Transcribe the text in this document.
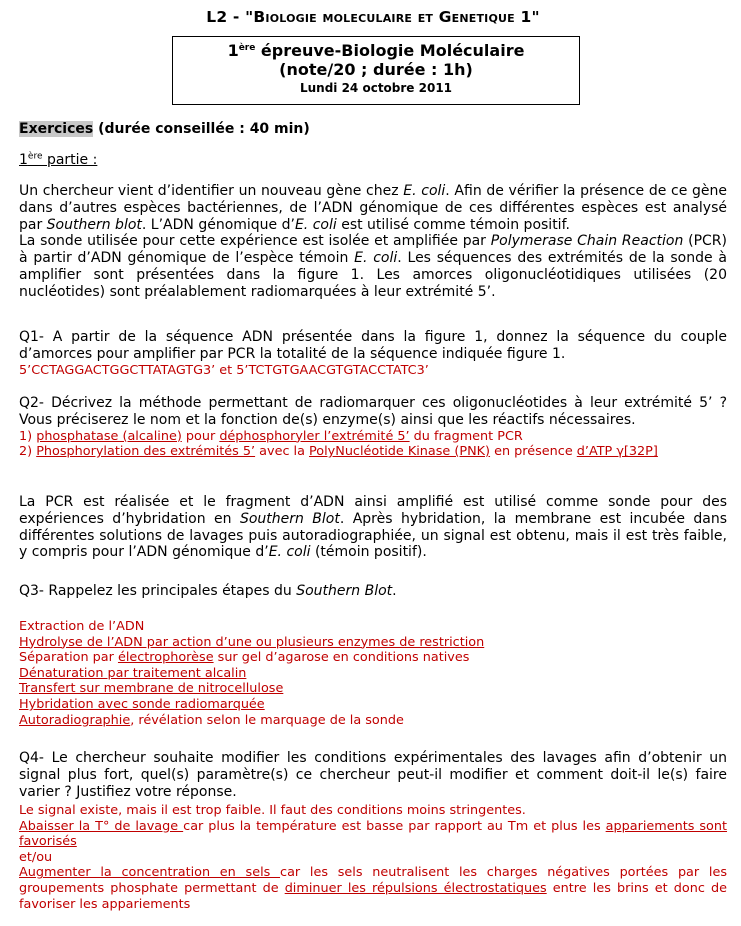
L2 - "Biologie moleculaire et Genetique 1"
1ère épreuve-Biologie Moléculaire
(note/20 ; durée : 1h)
Lundi 24 octobre 2011
Exercices (durée conseillée : 40 min)
1ère partie :
Un chercheur vient d’identifier un nouveau gène chez E. coli. Afin de vérifier la présence de ce gène dans d’autres espèces bactériennes, de l’ADN génomique de ces différentes espèces est analysé par Southern blot. L’ADN génomique d’E. coli est utilisé comme témoin positif.
La sonde utilisée pour cette expérience est isolée et amplifiée par Polymerase Chain Reaction (PCR) à partir d’ADN génomique de l’espèce témoin E. coli. Les séquences des extrémités de la sonde à amplifier sont présentées dans la figure 1. Les amorces oligonucléotidiques utilisées (20 nucléotides) sont préalablement radiomarquées à leur extrémité 5’.
Q1- A partir de la séquence ADN présentée dans la figure 1, donnez la séquence du couple d’amorces pour amplifier par PCR la totalité de la séquence indiquée figure 1.
5’CCTAGGACTGGCTTATAGTG3’ et 5’TCTGTGAACGTGTACCTATC3’
Q2- Décrivez la méthode permettant de radiomarquer ces oligonucléotides à leur extrémité 5’ ? Vous préciserez le nom et la fonction de(s) enzyme(s) ainsi que les réactifs nécessaires.
1) phosphatase (alcaline) pour déphosphoryler l’extrémité 5’ du fragment PCR
2) Phosphorylation des extrémités 5’ avec la PolyNucléotide Kinase (PNK) en présence d’ATP γ[32P]
La PCR est réalisée et le fragment d’ADN ainsi amplifié est utilisé comme sonde pour des expériences d’hybridation en Southern Blot. Après hybridation, la membrane est incubée dans différentes solutions de lavages puis autoradiographiée, un signal est obtenu, mais il est très faible, y compris pour l’ADN génomique d’E. coli (témoin positif).
Q3- Rappelez les principales étapes du Southern Blot.
Extraction de l’ADN
Hydrolyse de l’ADN par action d’une ou plusieurs enzymes de restriction
Séparation par électrophorèse sur gel d’agarose en conditions natives
Dénaturation par traitement alcalin
Transfert sur membrane de nitrocellulose
Hybridation avec sonde radiomarquée
Autoradiographie, révélation selon le marquage de la sonde
Q4- Le chercheur souhaite modifier les conditions expérimentales des lavages afin d’obtenir un signal plus fort, quel(s) paramètre(s) ce chercheur peut-il modifier et comment doit-il le(s) faire varier ? Justifiez votre réponse.
Le signal existe, mais il est trop faible. Il faut des conditions moins stringentes.
Abaisser la T° de lavage car plus la température est basse par rapport au Tm et plus les appariements sont favorisés
et/ou
Augmenter la concentration en sels car les sels neutralisent les charges négatives portées par les groupements phosphate permettant de diminuer les répulsions électrostatiques entre les brins et donc de favoriser les appariements
